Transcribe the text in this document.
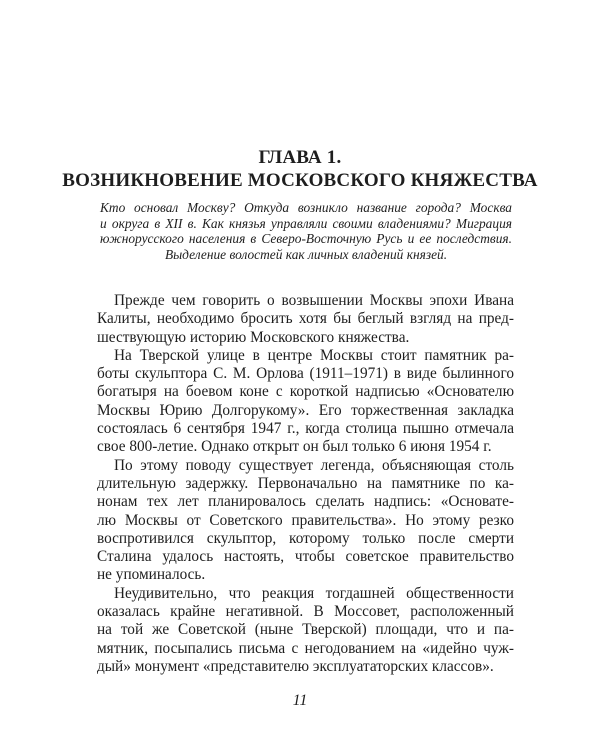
ГЛАВА 1.
ВОЗНИКНОВЕНИЕ МОСКОВСКОГО КНЯЖЕСТВА
Кто основал Москву? Откуда возникло название города? Москва
и округа в XII в. Как князья управляли своими владениями? Миграция
южнорусского населения в Северо-Восточную Русь и ее последствия.
Выделение волостей как личных владений князей.
Прежде чем говорить о возвышении Москвы эпохи Ивана
Калиты, необходимо бросить хотя бы беглый взгляд на пред-
шествующую историю Московского княжества.
На Тверской улице в центре Москвы стоит памятник ра-
боты скульптора С. М. Орлова (1911–1971) в виде былинного
богатыря на боевом коне с короткой надписью «Основателю
Москвы Юрию Долгорукому». Его торжественная закладка
состоялась 6 сентября 1947 г., когда столица пышно отмечала
свое 800-летие. Однако открыт он был только 6 июня 1954 г.
По этому поводу существует легенда, объясняющая столь
длительную задержку. Первоначально на памятнике по ка-
нонам тех лет планировалось сделать надпись: «Основате-
лю Москвы от Советского правительства». Но этому резко
воспротивился скульптор, которому только после смерти
Сталина удалось настоять, чтобы советское правительство
не упоминалось.
Неудивительно, что реакция тогдашней общественности
оказалась крайне негативной. В Моссовет, расположенный
на той же Советской (ныне Тверской) площади, что и па-
мятник, посыпались письма с негодованием на «идейно чуж-
дый» монумент «представителю эксплуататорских классов».
11
